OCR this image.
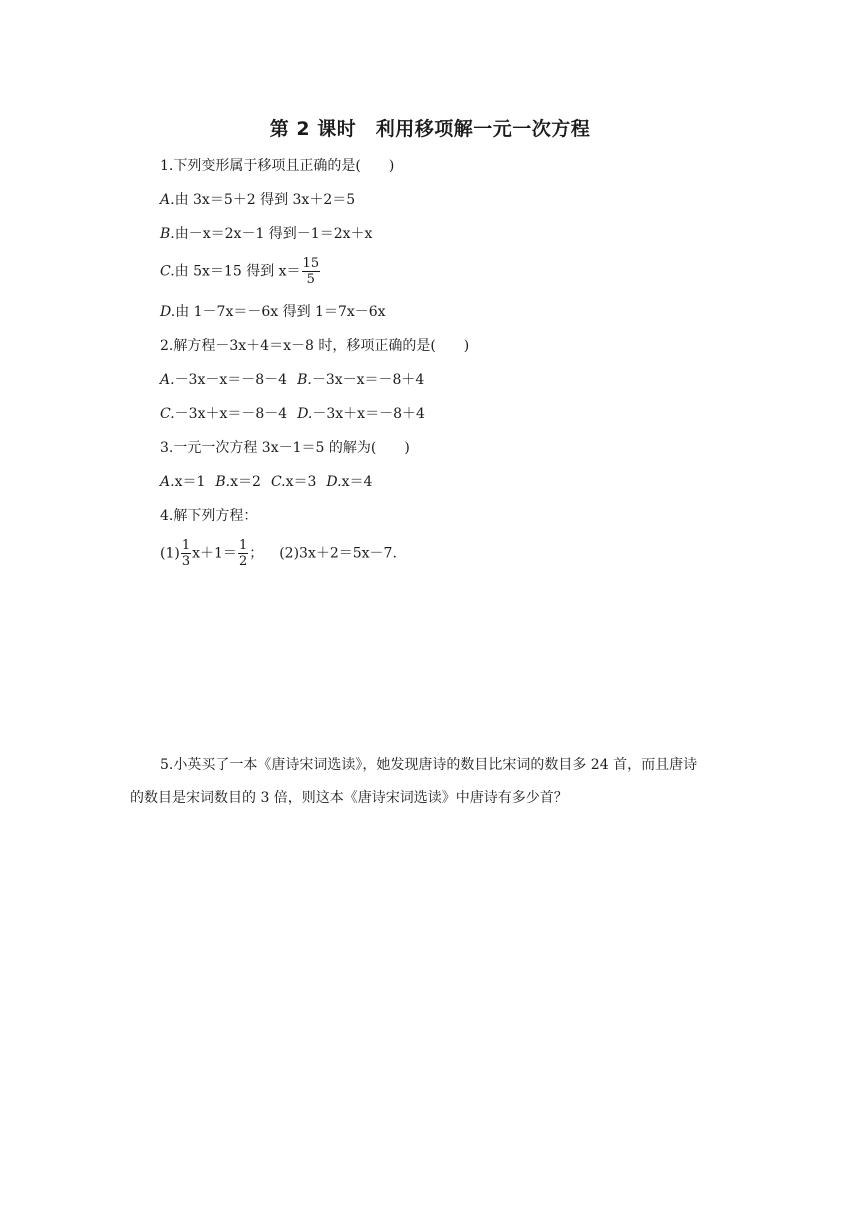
第 2 课时　利用移项解一元一次方程
1.下列变形属于移项且正确的是(　　)
A.由 3x＝5＋2 得到 3x＋2＝5
B.由－x＝2x－1 得到－1＝2x＋x
C.由 5x＝15 得到 $x= \frac{15}{5}$
D.由 1－7x＝－6x 得到 1＝7x－6x
2.解方程－3x＋4＝x－8 时，移项正确的是(　　)
A.－3x－x＝－8－4 B.－3x－x＝－8＋4
C.－3x＋x＝－8－4 D.－3x＋x＝－8＋4
3.一元一次方程 3x－1＝5 的解为(　　)
A.x＝1 B.x＝2 C.x＝3 D.x＝4
4.解下列方程：
$(1) \frac{1}{3} x+1= \frac{1}{2}$ ； (2)3x＋2＝5x－7.
5.小英买了一本《唐诗宋词选读》，她发现唐诗的数目比宋词的数目多 24 首，而且唐诗
的数目是宋词数目的 3 倍，则这本《唐诗宋词选读》中唐诗有多少首？
